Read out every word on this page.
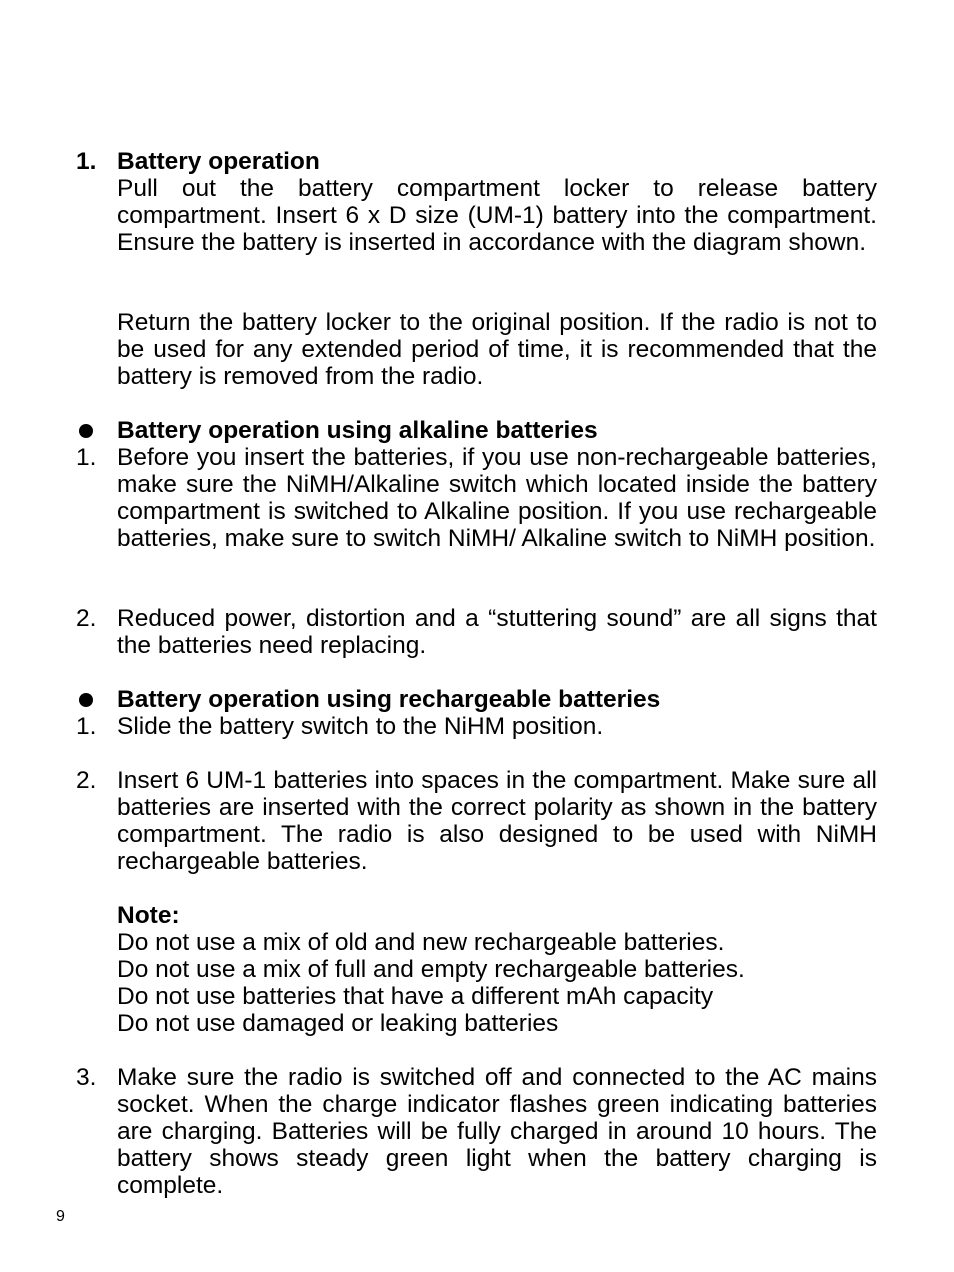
1. Battery operation
Pull out the battery compartment locker to release battery compartment. Insert 6 x D size (UM-1) battery into the compartment. Ensure the battery is inserted in accordance with the diagram shown.
Return the battery locker to the original position. If the radio is not to be used for any extended period of time, it is recommended that the battery is removed from the radio.
Battery operation using alkaline batteries
1. Before you insert the batteries, if you use non-rechargeable batteries, make sure the NiMH/Alkaline switch which located inside the battery compartment is switched to Alkaline position. If you use rechargeable batteries, make sure to switch NiMH/ Alkaline switch to NiMH position.
2. Reduced power, distortion and a “stuttering sound” are all signs that the batteries need replacing.
Battery operation using rechargeable batteries
1. Slide the battery switch to the NiHM position.
2. Insert 6 UM-1 batteries into spaces in the compartment. Make sure all batteries are inserted with the correct polarity as shown in the battery compartment. The radio is also designed to be used with NiMH rechargeable batteries.
Note:
Do not use a mix of old and new rechargeable batteries.
Do not use a mix of full and empty rechargeable batteries.
Do not use batteries that have a different mAh capacity
Do not use damaged or leaking batteries
3. Make sure the radio is switched off and connected to the AC mains socket. When the charge indicator flashes green indicating batteries are charging. Batteries will be fully charged in around 10 hours. The battery shows steady green light when the battery charging is complete.
9
